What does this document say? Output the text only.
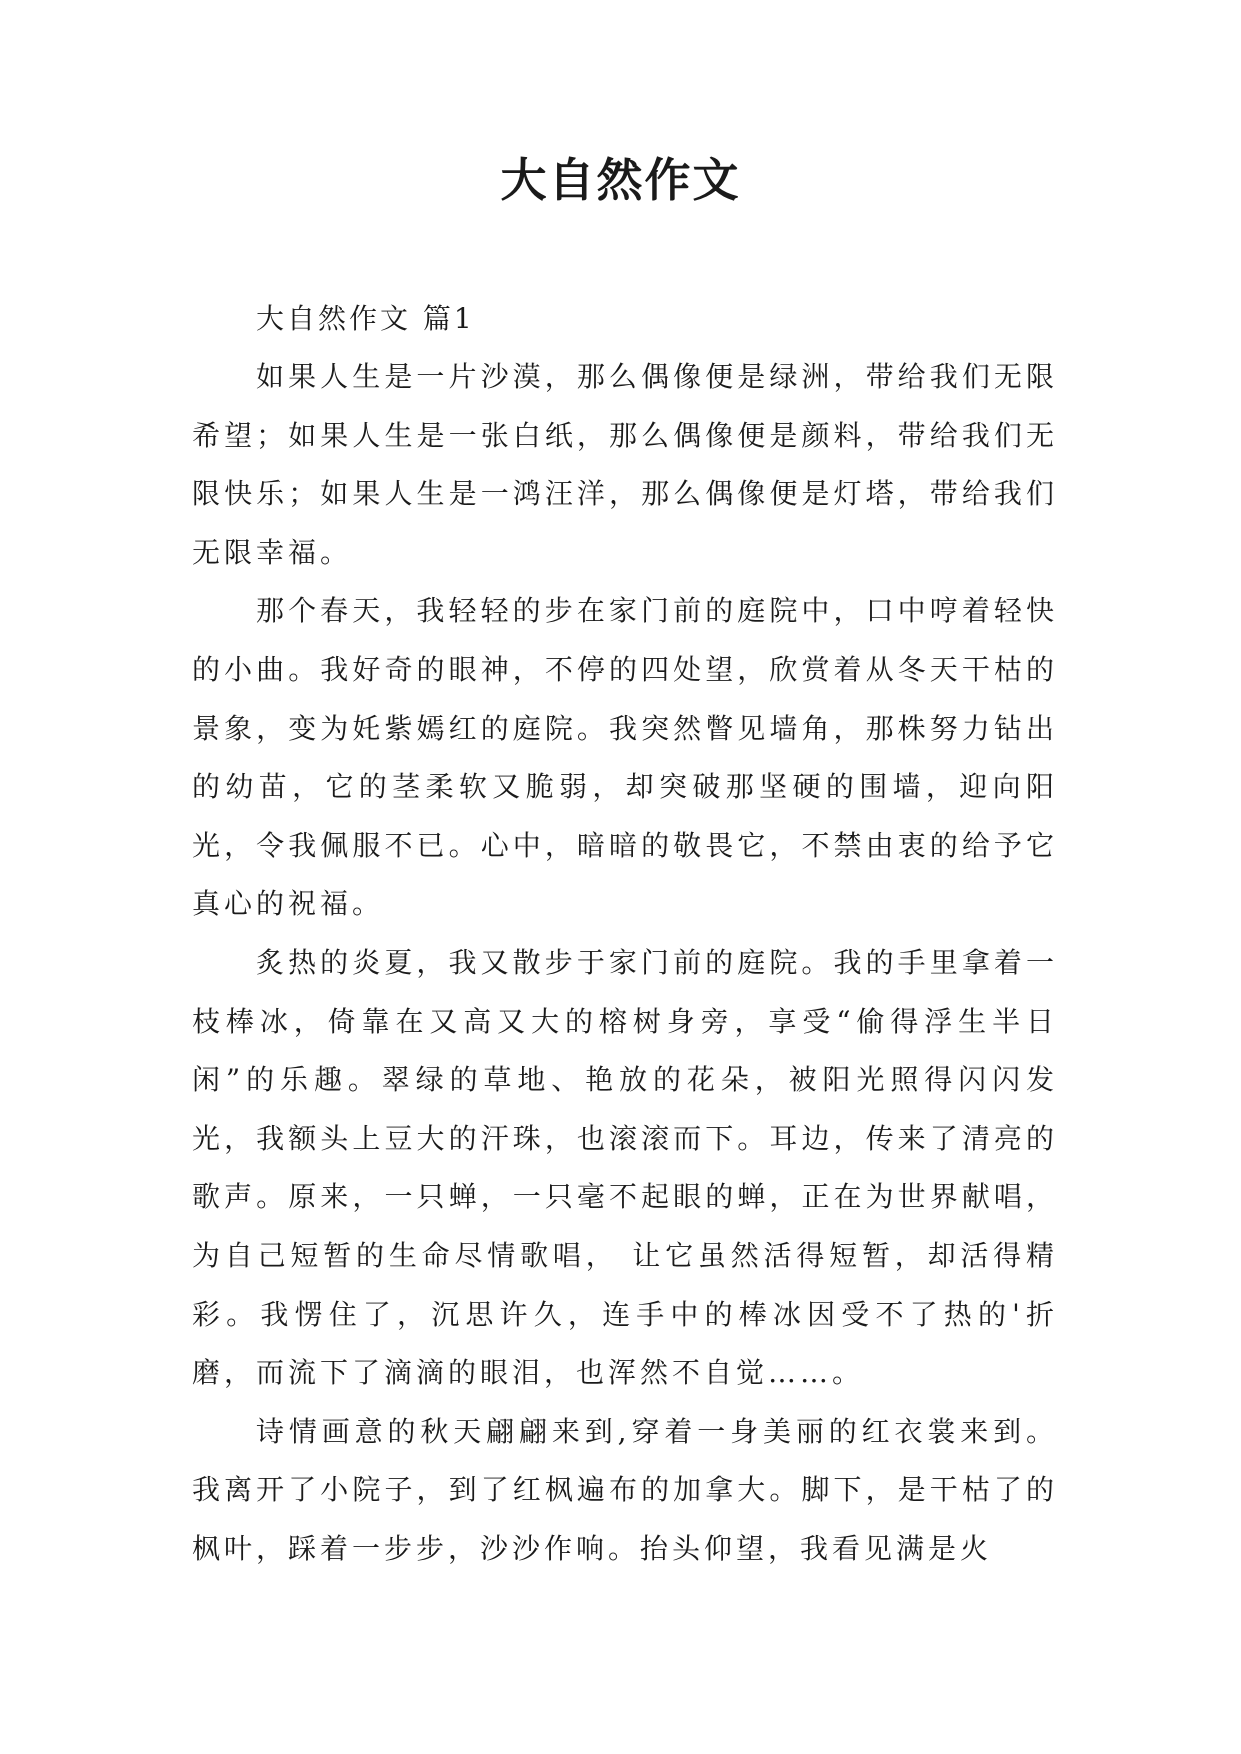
大自然作文

大自然作文 篇1

如果人生是一片沙漠，那么偶像便是绿洲，带给我们无限希望；如果人生是一张白纸，那么偶像便是颜料，带给我们无限快乐；如果人生是一鸿汪洋，那么偶像便是灯塔，带给我们无限幸福。

那个春天，我轻轻的步在家门前的庭院中，口中哼着轻快的小曲。我好奇的眼神，不停的四处望，欣赏着从冬天干枯的景象，变为奼紫嫣红的庭院。我突然瞥见墙角，那株努力钻出的幼苗，它的茎柔软又脆弱，却突破那坚硬的围墙，迎向阳光，令我佩服不已。心中，暗暗的敬畏它，不禁由衷的给予它真心的祝福。

炙热的炎夏，我又散步于家门前的庭院。我的手里拿着一枝棒冰，倚靠在又高又大的榕树身旁，享受“偷得浮生半日闲”的乐趣。翠绿的草地、艳放的花朵，被阳光照得闪闪发光，我额头上豆大的汗珠，也滚滚而下。耳边，传来了清亮的歌声。原来，一只蝉，一只毫不起眼的蝉，正在为世界献唱，为自己短暂的生命尽情歌唱， 让它虽然活得短暂，却活得精彩。我愣住了，沉思许久，连手中的棒冰因受不了热的'折磨，而流下了滴滴的眼泪，也浑然不自觉……。

诗情画意的秋天翩翩来到,穿着一身美丽的红衣裳来到。我离开了小院子，到了红枫遍布的加拿大。脚下，是干枯了的枫叶，踩着一步步，沙沙作响。抬头仰望，我看见满是火
